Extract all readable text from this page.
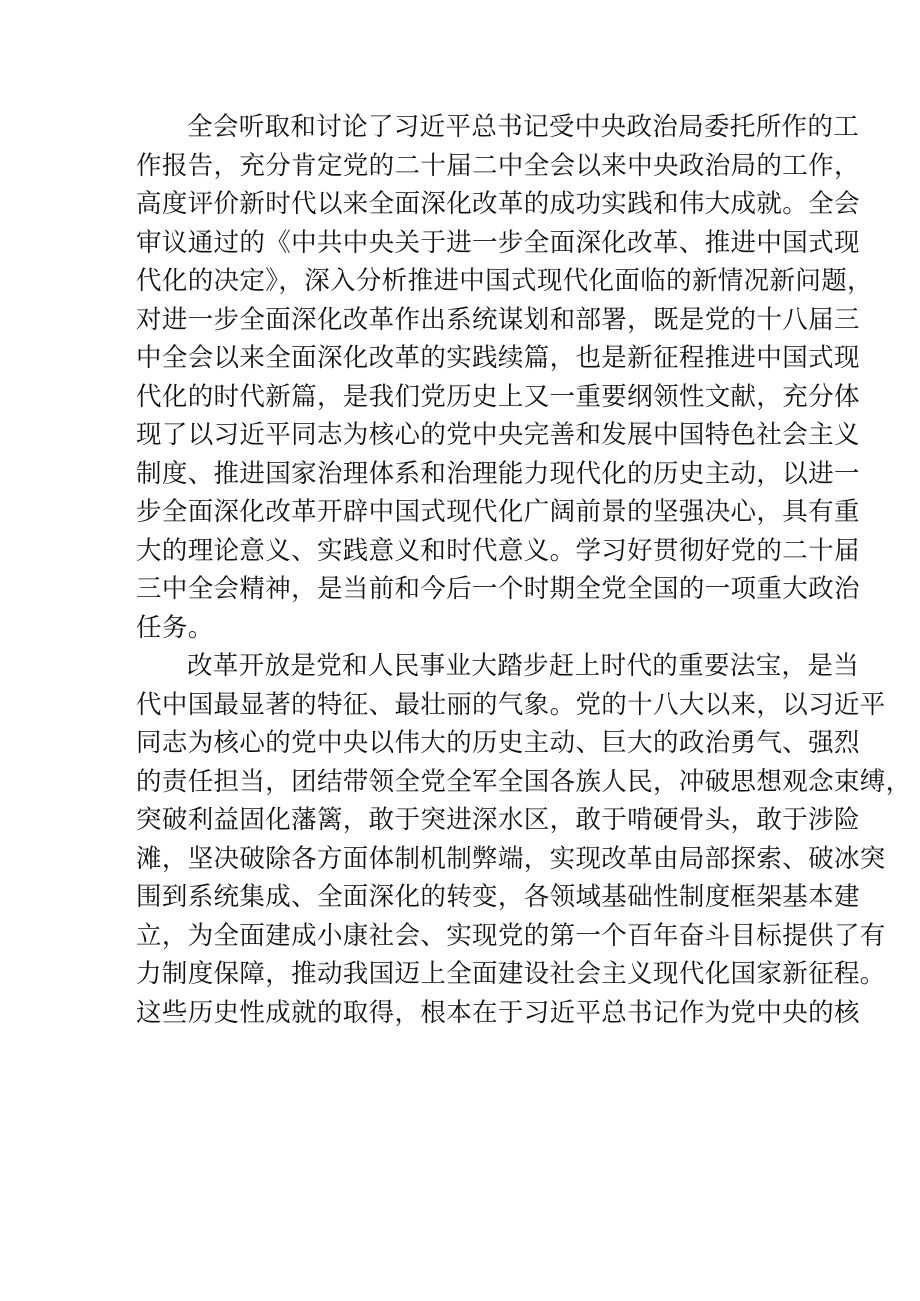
全会听取和讨论了习近平总书记受中央政治局委托所作的工
作报告，充分肯定党的二十届二中全会以来中央政治局的工作，
高度评价新时代以来全面深化改革的成功实践和伟大成就。全会
审议通过的《中共中央关于进一步全面深化改革、推进中国式现
代化的决定》，深入分析推进中国式现代化面临的新情况新问题，
对进一步全面深化改革作出系统谋划和部署，既是党的十八届三
中全会以来全面深化改革的实践续篇，也是新征程推进中国式现
代化的时代新篇，是我们党历史上又一重要纲领性文献，充分体
现了以习近平同志为核心的党中央完善和发展中国特色社会主义
制度、推进国家治理体系和治理能力现代化的历史主动，以进一
步全面深化改革开辟中国式现代化广阔前景的坚强决心，具有重
大的理论意义、实践意义和时代意义。学习好贯彻好党的二十届
三中全会精神，是当前和今后一个时期全党全国的一项重大政治
任务。
改革开放是党和人民事业大踏步赶上时代的重要法宝，是当
代中国最显著的特征、最壮丽的气象。党的十八大以来，以习近平
同志为核心的党中央以伟大的历史主动、巨大的政治勇气、强烈
的责任担当，团结带领全党全军全国各族人民，冲破思想观念束缚，
突破利益固化藩篱，敢于突进深水区，敢于啃硬骨头，敢于涉险
滩，坚决破除各方面体制机制弊端，实现改革由局部探索、破冰突
围到系统集成、全面深化的转变，各领域基础性制度框架基本建
立，为全面建成小康社会、实现党的第一个百年奋斗目标提供了有
力制度保障，推动我国迈上全面建设社会主义现代化国家新征程。
这些历史性成就的取得，根本在于习近平总书记作为党中央的核
